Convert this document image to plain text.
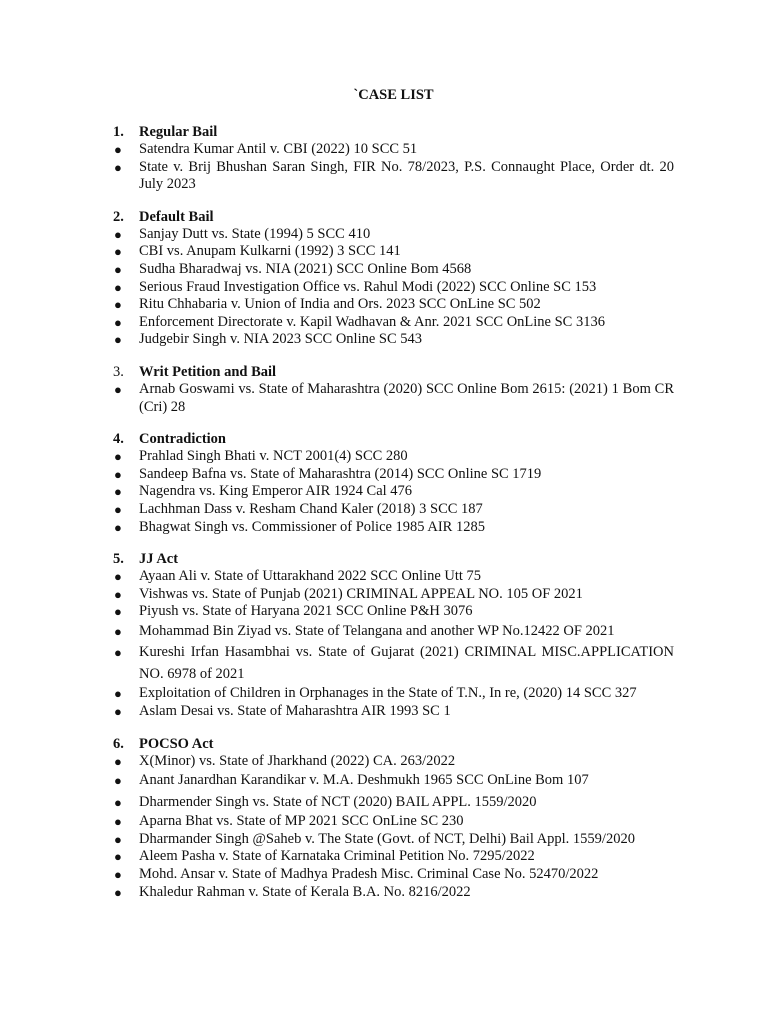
`CASE LIST
1. Regular Bail
● Satendra Kumar Antil v. CBI (2022) 10 SCC 51
● State v. Brij Bhushan Saran Singh, FIR No. 78/2023, P.S. Connaught Place, Order dt. 20 July 2023
2. Default Bail
● Sanjay Dutt vs. State (1994) 5 SCC 410
● CBI vs. Anupam Kulkarni (1992) 3 SCC 141
● Sudha Bharadwaj vs. NIA (2021) SCC Online Bom 4568
● Serious Fraud Investigation Office vs. Rahul Modi (2022) SCC Online SC 153
● Ritu Chhabaria v. Union of India and Ors. 2023 SCC OnLine SC 502
● Enforcement Directorate v. Kapil Wadhavan & Anr. 2021 SCC OnLine SC 3136
● Judgebir Singh v. NIA 2023 SCC Online SC 543
3. Writ Petition and Bail
● Arnab Goswami vs. State of Maharashtra (2020) SCC Online Bom 2615: (2021) 1 Bom CR (Cri) 28
4. Contradiction
● Prahlad Singh Bhati v. NCT 2001(4) SCC 280
● Sandeep Bafna vs. State of Maharashtra (2014) SCC Online SC 1719
● Nagendra vs. King Emperor AIR 1924 Cal 476
● Lachhman Dass v. Resham Chand Kaler (2018) 3 SCC 187
● Bhagwat Singh vs. Commissioner of Police 1985 AIR 1285
5. JJ Act
● Ayaan Ali v. State of Uttarakhand 2022 SCC Online Utt 75
● Vishwas vs. State of Punjab (2021) CRIMINAL APPEAL NO. 105 OF 2021
● Piyush vs. State of Haryana 2021 SCC Online P&H 3076
● Mohammad Bin Ziyad vs. State of Telangana and another WP No.12422 OF 2021
● Kureshi Irfan Hasambhai vs. State of Gujarat (2021) CRIMINAL MISC.APPLICATION NO. 6978 of 2021
● Exploitation of Children in Orphanages in the State of T.N., In re, (2020) 14 SCC 327
● Aslam Desai vs. State of Maharashtra AIR 1993 SC 1
6. POCSO Act
● X(Minor) vs. State of Jharkhand (2022) CA. 263/2022
● Anant Janardhan Karandikar v. M.A. Deshmukh 1965 SCC OnLine Bom 107
● Dharmender Singh vs. State of NCT (2020) BAIL APPL. 1559/2020
● Aparna Bhat vs. State of MP 2021 SCC OnLine SC 230
● Dharmander Singh @Saheb v. The State (Govt. of NCT, Delhi) Bail Appl. 1559/2020
● Aleem Pasha v. State of Karnataka Criminal Petition No. 7295/2022
● Mohd. Ansar v. State of Madhya Pradesh Misc. Criminal Case No. 52470/2022
● Khaledur Rahman v. State of Kerala B.A. No. 8216/2022
